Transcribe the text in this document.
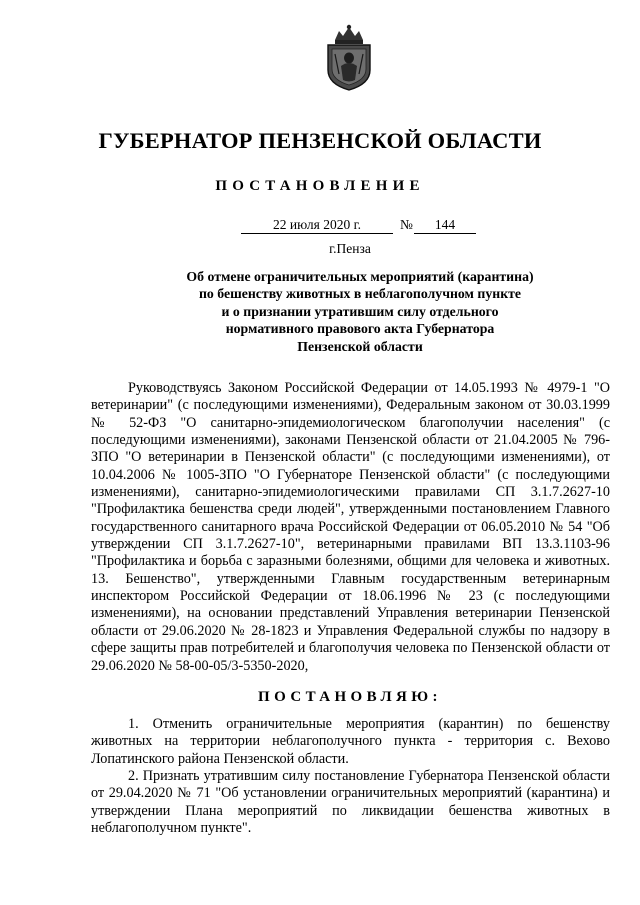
ГУБЕРНАТОР ПЕНЗЕНСКОЙ ОБЛАСТИ
ПОСТАНОВЛЕНИЕ
22 июля 2020 г.	№	144
г.Пенза
Об отмене ограничительных мероприятий (карантина)
по бешенству животных в неблагополучном пункте
и о признании утратившим силу отдельного
нормативного правового акта Губернатора
Пензенской области

Руководствуясь Законом Российской Федерации от 14.05.1993 № 4979-1 "О ветеринарии" (с последующими изменениями), Федеральным законом от 30.03.1999 № 52-ФЗ "О санитарно-эпидемиологическом благополучии населения" (с последующими изменениями), законами Пензенской области от 21.04.2005 № 796-ЗПО "О ветеринарии в Пензенской области" (с последующими изменениями), от 10.04.2006 № 1005-ЗПО "О Губернаторе Пензенской области" (с последующими изменениями), санитарно-эпидемиологическими правилами СП 3.1.7.2627-10 "Профилактика бешенства среди людей", утвержденными постановлением Главного государственного санитарного врача Российской Федерации от 06.05.2010 № 54 "Об утверждении СП 3.1.7.2627-10", ветеринарными правилами ВП 13.3.1103-96 "Профилактика и борьба с заразными болезнями, общими для человека и животных. 13. Бешенство", утвержденными Главным государственным ветеринарным инспектором Российской Федерации от 18.06.1996 № 23 (с последующими изменениями), на основании представлений Управления ветеринарии Пензенской области от 29.06.2020 № 28-1823 и Управления Федеральной службы по надзору в сфере защиты прав потребителей и благополучия человека по Пензенской области от 29.06.2020 № 58-00-05/3-5350-2020,

ПОСТАНОВЛЯЮ:

1. Отменить ограничительные мероприятия (карантин) по бешенству животных на территории неблагополучного пункта - территория с. Вехово Лопатинского района Пензенской области.

2. Признать утратившим силу постановление Губернатора Пензенской области от 29.04.2020 № 71 "Об установлении ограничительных мероприятий (карантина) и утверждении Плана мероприятий по ликвидации бешенства животных в неблагополучном пункте".
